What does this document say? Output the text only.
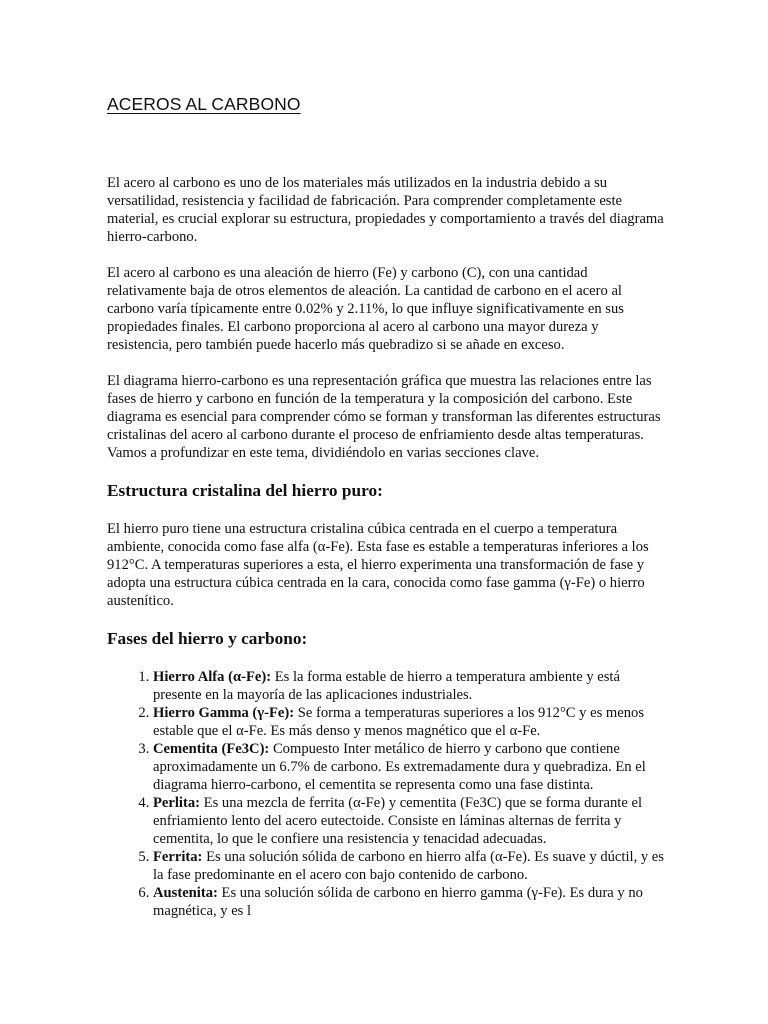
ACEROS AL CARBONO

El acero al carbono es uno de los materiales más utilizados en la industria debido a su versatilidad, resistencia y facilidad de fabricación. Para comprender completamente este material, es crucial explorar su estructura, propiedades y comportamiento a través del diagrama hierro-carbono.

El acero al carbono es una aleación de hierro (Fe) y carbono (C), con una cantidad relativamente baja de otros elementos de aleación. La cantidad de carbono en el acero al carbono varía típicamente entre 0.02% y 2.11%, lo que influye significativamente en sus propiedades finales. El carbono proporciona al acero al carbono una mayor dureza y resistencia, pero también puede hacerlo más quebradizo si se añade en exceso.

El diagrama hierro-carbono es una representación gráfica que muestra las relaciones entre las fases de hierro y carbono en función de la temperatura y la composición del carbono. Este diagrama es esencial para comprender cómo se forman y transforman las diferentes estructuras cristalinas del acero al carbono durante el proceso de enfriamiento desde altas temperaturas. Vamos a profundizar en este tema, dividiéndolo en varias secciones clave.

Estructura cristalina del hierro puro:

El hierro puro tiene una estructura cristalina cúbica centrada en el cuerpo a temperatura ambiente, conocida como fase alfa (α-Fe). Esta fase es estable a temperaturas inferiores a los 912°C. A temperaturas superiores a esta, el hierro experimenta una transformación de fase y adopta una estructura cúbica centrada en la cara, conocida como fase gamma (γ-Fe) o hierro austenítico.

Fases del hierro y carbono:
1. Hierro Alfa (α-Fe): Es la forma estable de hierro a temperatura ambiente y está presente en la mayoría de las aplicaciones industriales.
2. Hierro Gamma (γ-Fe): Se forma a temperaturas superiores a los 912°C y es menos estable que el α-Fe. Es más denso y menos magnético que el α-Fe.
3. Cementita (Fe3C): Compuesto Inter metálico de hierro y carbono que contiene aproximadamente un 6.7% de carbono. Es extremadamente dura y quebradiza. En el diagrama hierro-carbono, el cementita se representa como una fase distinta.
4. Perlita: Es una mezcla de ferrita (α-Fe) y cementita (Fe3C) que se forma durante el enfriamiento lento del acero eutectoide. Consiste en láminas alternas de ferrita y cementita, lo que le confiere una resistencia y tenacidad adecuadas.
5. Ferrita: Es una solución sólida de carbono en hierro alfa (α-Fe). Es suave y dúctil, y es la fase predominante en el acero con bajo contenido de carbono.
6. Austenita: Es una solución sólida de carbono en hierro gamma (γ-Fe). Es dura y no magnética, y es l
